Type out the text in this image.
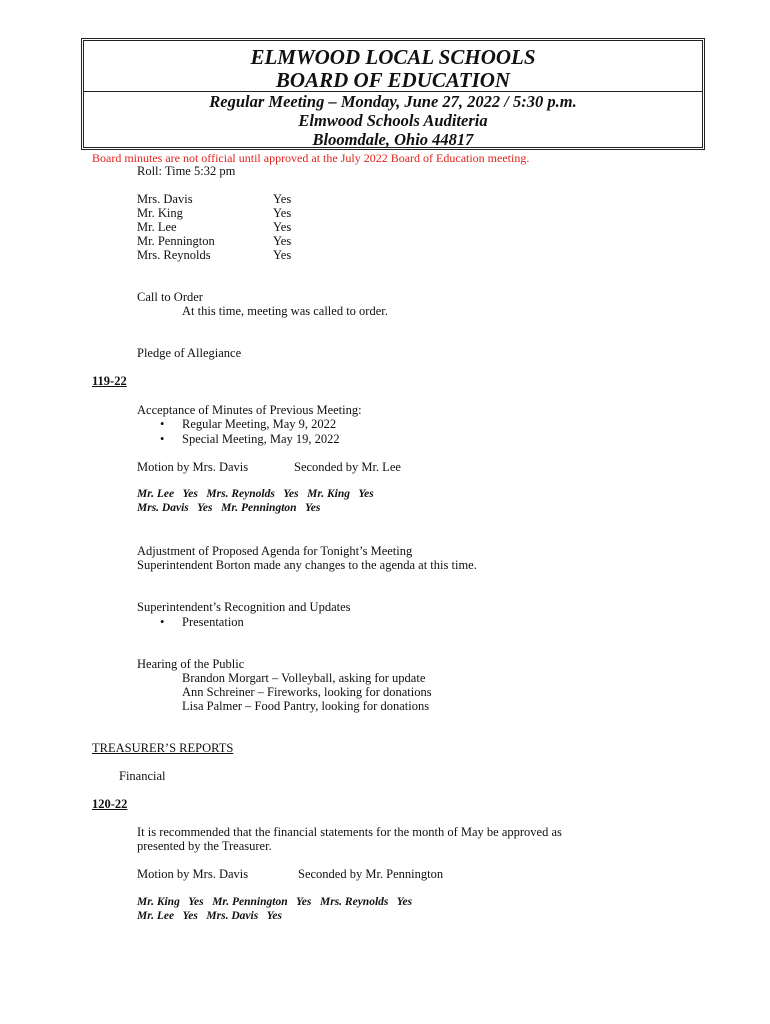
ELMWOOD LOCAL SCHOOLS
BOARD OF EDUCATION
Regular Meeting – Monday, June 27, 2022 / 5:30 p.m.
Elmwood Schools Auditeria
Bloomdale, Ohio 44817
Board minutes are not official until approved at the July 2022 Board of Education meeting.
Roll: Time 5:32 pm
Mrs. Davis	Yes
Mr. King	Yes
Mr. Lee	Yes
Mr. Pennington	Yes
Mrs. Reynolds	Yes
Call to Order
At this time, meeting was called to order.
Pledge of Allegiance
119-22
Acceptance of Minutes of Previous Meeting:
• Regular Meeting, May 9, 2022
• Special Meeting, May 19, 2022
Motion by Mrs. Davis	Seconded by Mr. Lee
Mr. Lee   Yes   Mrs. Reynolds   Yes   Mr. King   Yes
Mrs. Davis   Yes   Mr. Pennington   Yes
Adjustment of Proposed Agenda for Tonight’s Meeting
Superintendent Borton made any changes to the agenda at this time.
Superintendent’s Recognition and Updates
• Presentation
Hearing of the Public
Brandon Morgart – Volleyball, asking for update
Ann Schreiner – Fireworks, looking for donations
Lisa Palmer – Food Pantry, looking for donations
TREASURER’S REPORTS
Financial
120-22
It is recommended that the financial statements for the month of May be approved as
presented by the Treasurer.
Motion by Mrs. Davis	Seconded by Mr. Pennington
Mr. King   Yes   Mr. Pennington   Yes   Mrs. Reynolds   Yes
Mr. Lee   Yes   Mrs. Davis   Yes
